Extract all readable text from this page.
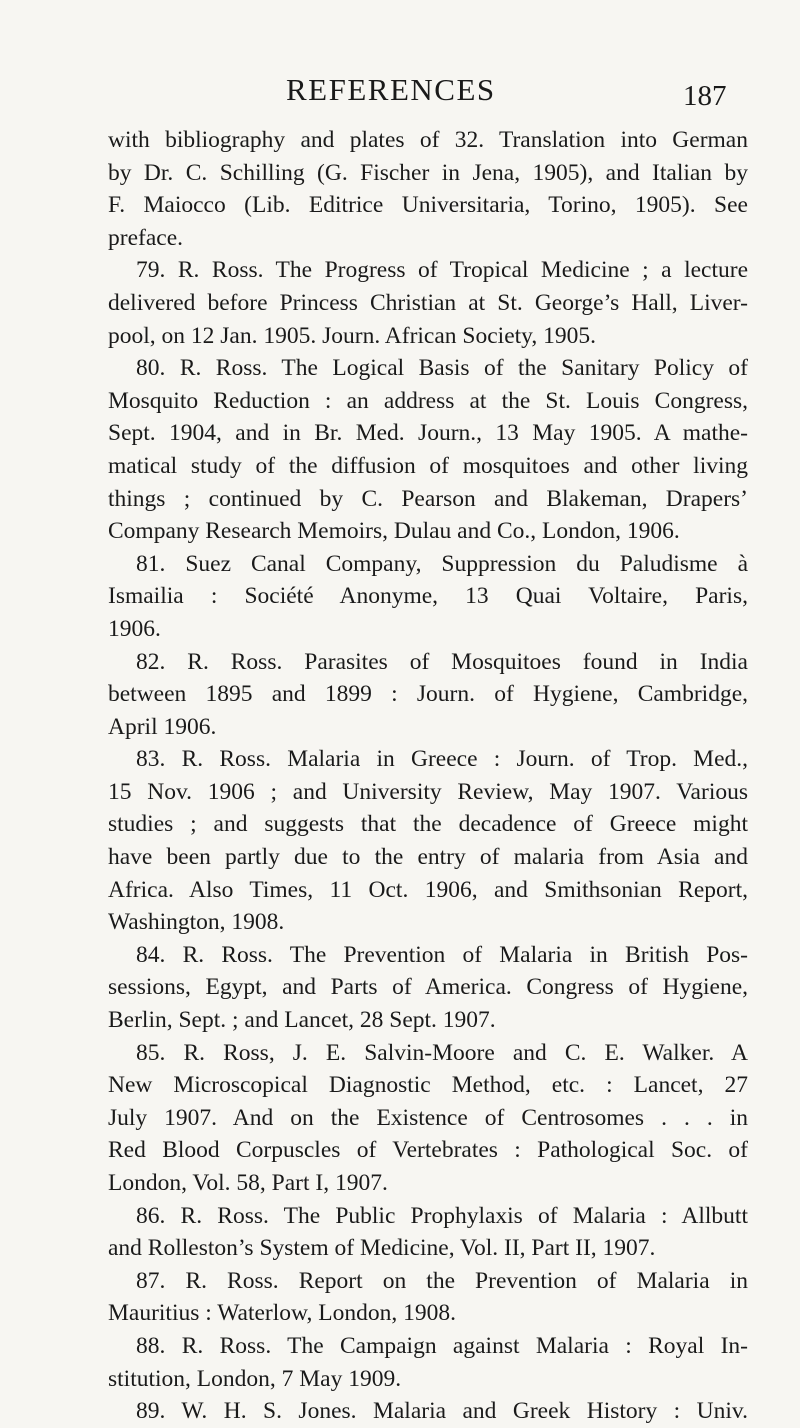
REFERENCES	187
with bibliography and plates of 32. Translation into German
by Dr. C. Schilling (G. Fischer in Jena, 1905), and Italian by
F. Maiocco (Lib. Editrice Universitaria, Torino, 1905). See
preface.
79. R. Ross. The Progress of Tropical Medicine ; a lecture
delivered before Princess Christian at St. George’s Hall, Liver-
pool, on 12 Jan. 1905. Journ. African Society, 1905.
80. R. Ross. The Logical Basis of the Sanitary Policy of
Mosquito Reduction : an address at the St. Louis Congress,
Sept. 1904, and in Br. Med. Journ., 13 May 1905. A mathe-
matical study of the diffusion of mosquitoes and other living
things ; continued by C. Pearson and Blakeman, Drapers’
Company Research Memoirs, Dulau and Co., London, 1906.
81. Suez Canal Company, Suppression du Paludisme à
Ismailia : Société Anonyme, 13 Quai Voltaire, Paris,
1906.
82. R. Ross. Parasites of Mosquitoes found in India
between 1895 and 1899 : Journ. of Hygiene, Cambridge,
April 1906.
83. R. Ross. Malaria in Greece : Journ. of Trop. Med.,
15 Nov. 1906 ; and University Review, May 1907. Various
studies ; and suggests that the decadence of Greece might
have been partly due to the entry of malaria from Asia and
Africa. Also Times, 11 Oct. 1906, and Smithsonian Report,
Washington, 1908.
84. R. Ross. The Prevention of Malaria in British Pos-
sessions, Egypt, and Parts of America. Congress of Hygiene,
Berlin, Sept. ; and Lancet, 28 Sept. 1907.
85. R. Ross, J. E. Salvin-Moore and C. E. Walker. A
New Microscopical Diagnostic Method, etc. : Lancet, 27
July 1907. And on the Existence of Centrosomes . . . in
Red Blood Corpuscles of Vertebrates : Pathological Soc. of
London, Vol. 58, Part I, 1907.
86. R. Ross. The Public Prophylaxis of Malaria : Allbutt
and Rolleston’s System of Medicine, Vol. II, Part II, 1907.
87. R. Ross. Report on the Prevention of Malaria in
Mauritius : Waterlow, London, 1908.
88. R. Ross. The Campaign against Malaria : Royal In-
stitution, London, 7 May 1909.
89. W. H. S. Jones. Malaria and Greek History : Univ.
